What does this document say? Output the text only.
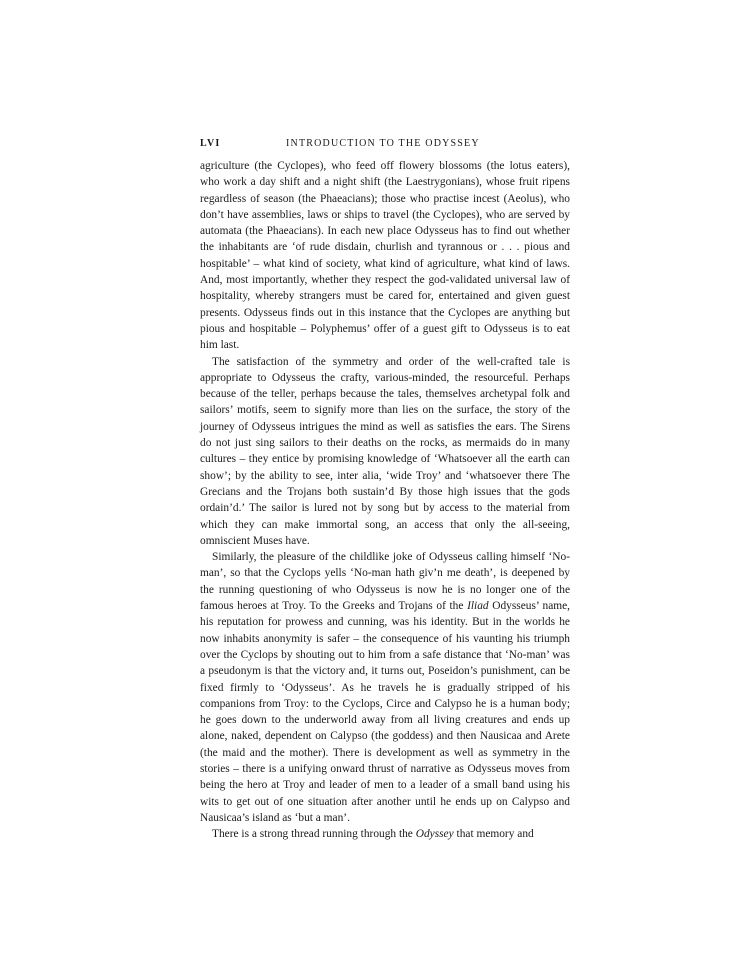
LVI	INTRODUCTION TO THE ODYSSEY

agriculture (the Cyclopes), who feed off flowery blossoms (the lotus eaters), who work a day shift and a night shift (the Laestrygonians), whose fruit ripens regardless of season (the Phaeacians); those who practise incest (Aeolus), who don’t have assemblies, laws or ships to travel (the Cyclopes), who are served by automata (the Phaeacians). In each new place Odysseus has to find out whether the inhabitants are ‘of rude disdain, churlish and tyrannous or . . . pious and hospitable’ – what kind of society, what kind of agriculture, what kind of laws. And, most importantly, whether they respect the god-validated universal law of hospitality, whereby strangers must be cared for, entertained and given guest presents. Odysseus finds out in this instance that the Cyclopes are anything but pious and hospitable – Polyphemus’ offer of a guest gift to Odysseus is to eat him last.

The satisfaction of the symmetry and order of the well-crafted tale is appropriate to Odysseus the crafty, various-minded, the resourceful. Perhaps because of the teller, perhaps because the tales, themselves archetypal folk and sailors’ motifs, seem to signify more than lies on the surface, the story of the journey of Odysseus intrigues the mind as well as satisfies the ears. The Sirens do not just sing sailors to their deaths on the rocks, as mermaids do in many cultures – they entice by promising knowledge of ‘Whatsoever all the earth can show’; by the ability to see, inter alia, ‘wide Troy’ and ‘whatsoever there The Grecians and the Trojans both sustain’d By those high issues that the gods ordain’d.’ The sailor is lured not by song but by access to the material from which they can make immortal song, an access that only the all-seeing, omniscient Muses have.

Similarly, the pleasure of the childlike joke of Odysseus calling himself ‘No-man’, so that the Cyclops yells ‘No-man hath giv’n me death’, is deepened by the running questioning of who Odysseus is now he is no longer one of the famous heroes at Troy. To the Greeks and Trojans of the Iliad Odysseus’ name, his reputation for prowess and cunning, was his identity. But in the worlds he now inhabits anonymity is safer – the consequence of his vaunting his triumph over the Cyclops by shouting out to him from a safe distance that ‘No-man’ was a pseudonym is that the victory and, it turns out, Poseidon’s punishment, can be fixed firmly to ‘Odysseus’. As he travels he is gradually stripped of his companions from Troy: to the Cyclops, Circe and Calypso he is a human body; he goes down to the underworld away from all living creatures and ends up alone, naked, dependent on Calypso (the goddess) and then Nausicaa and Arete (the maid and the mother). There is development as well as symmetry in the stories – there is a unifying onward thrust of narrative as Odysseus moves from being the hero at Troy and leader of men to a leader of a small band using his wits to get out of one situation after another until he ends up on Calypso and Nausicaa’s island as ‘but a man’.

There is a strong thread running through the Odyssey that memory and
